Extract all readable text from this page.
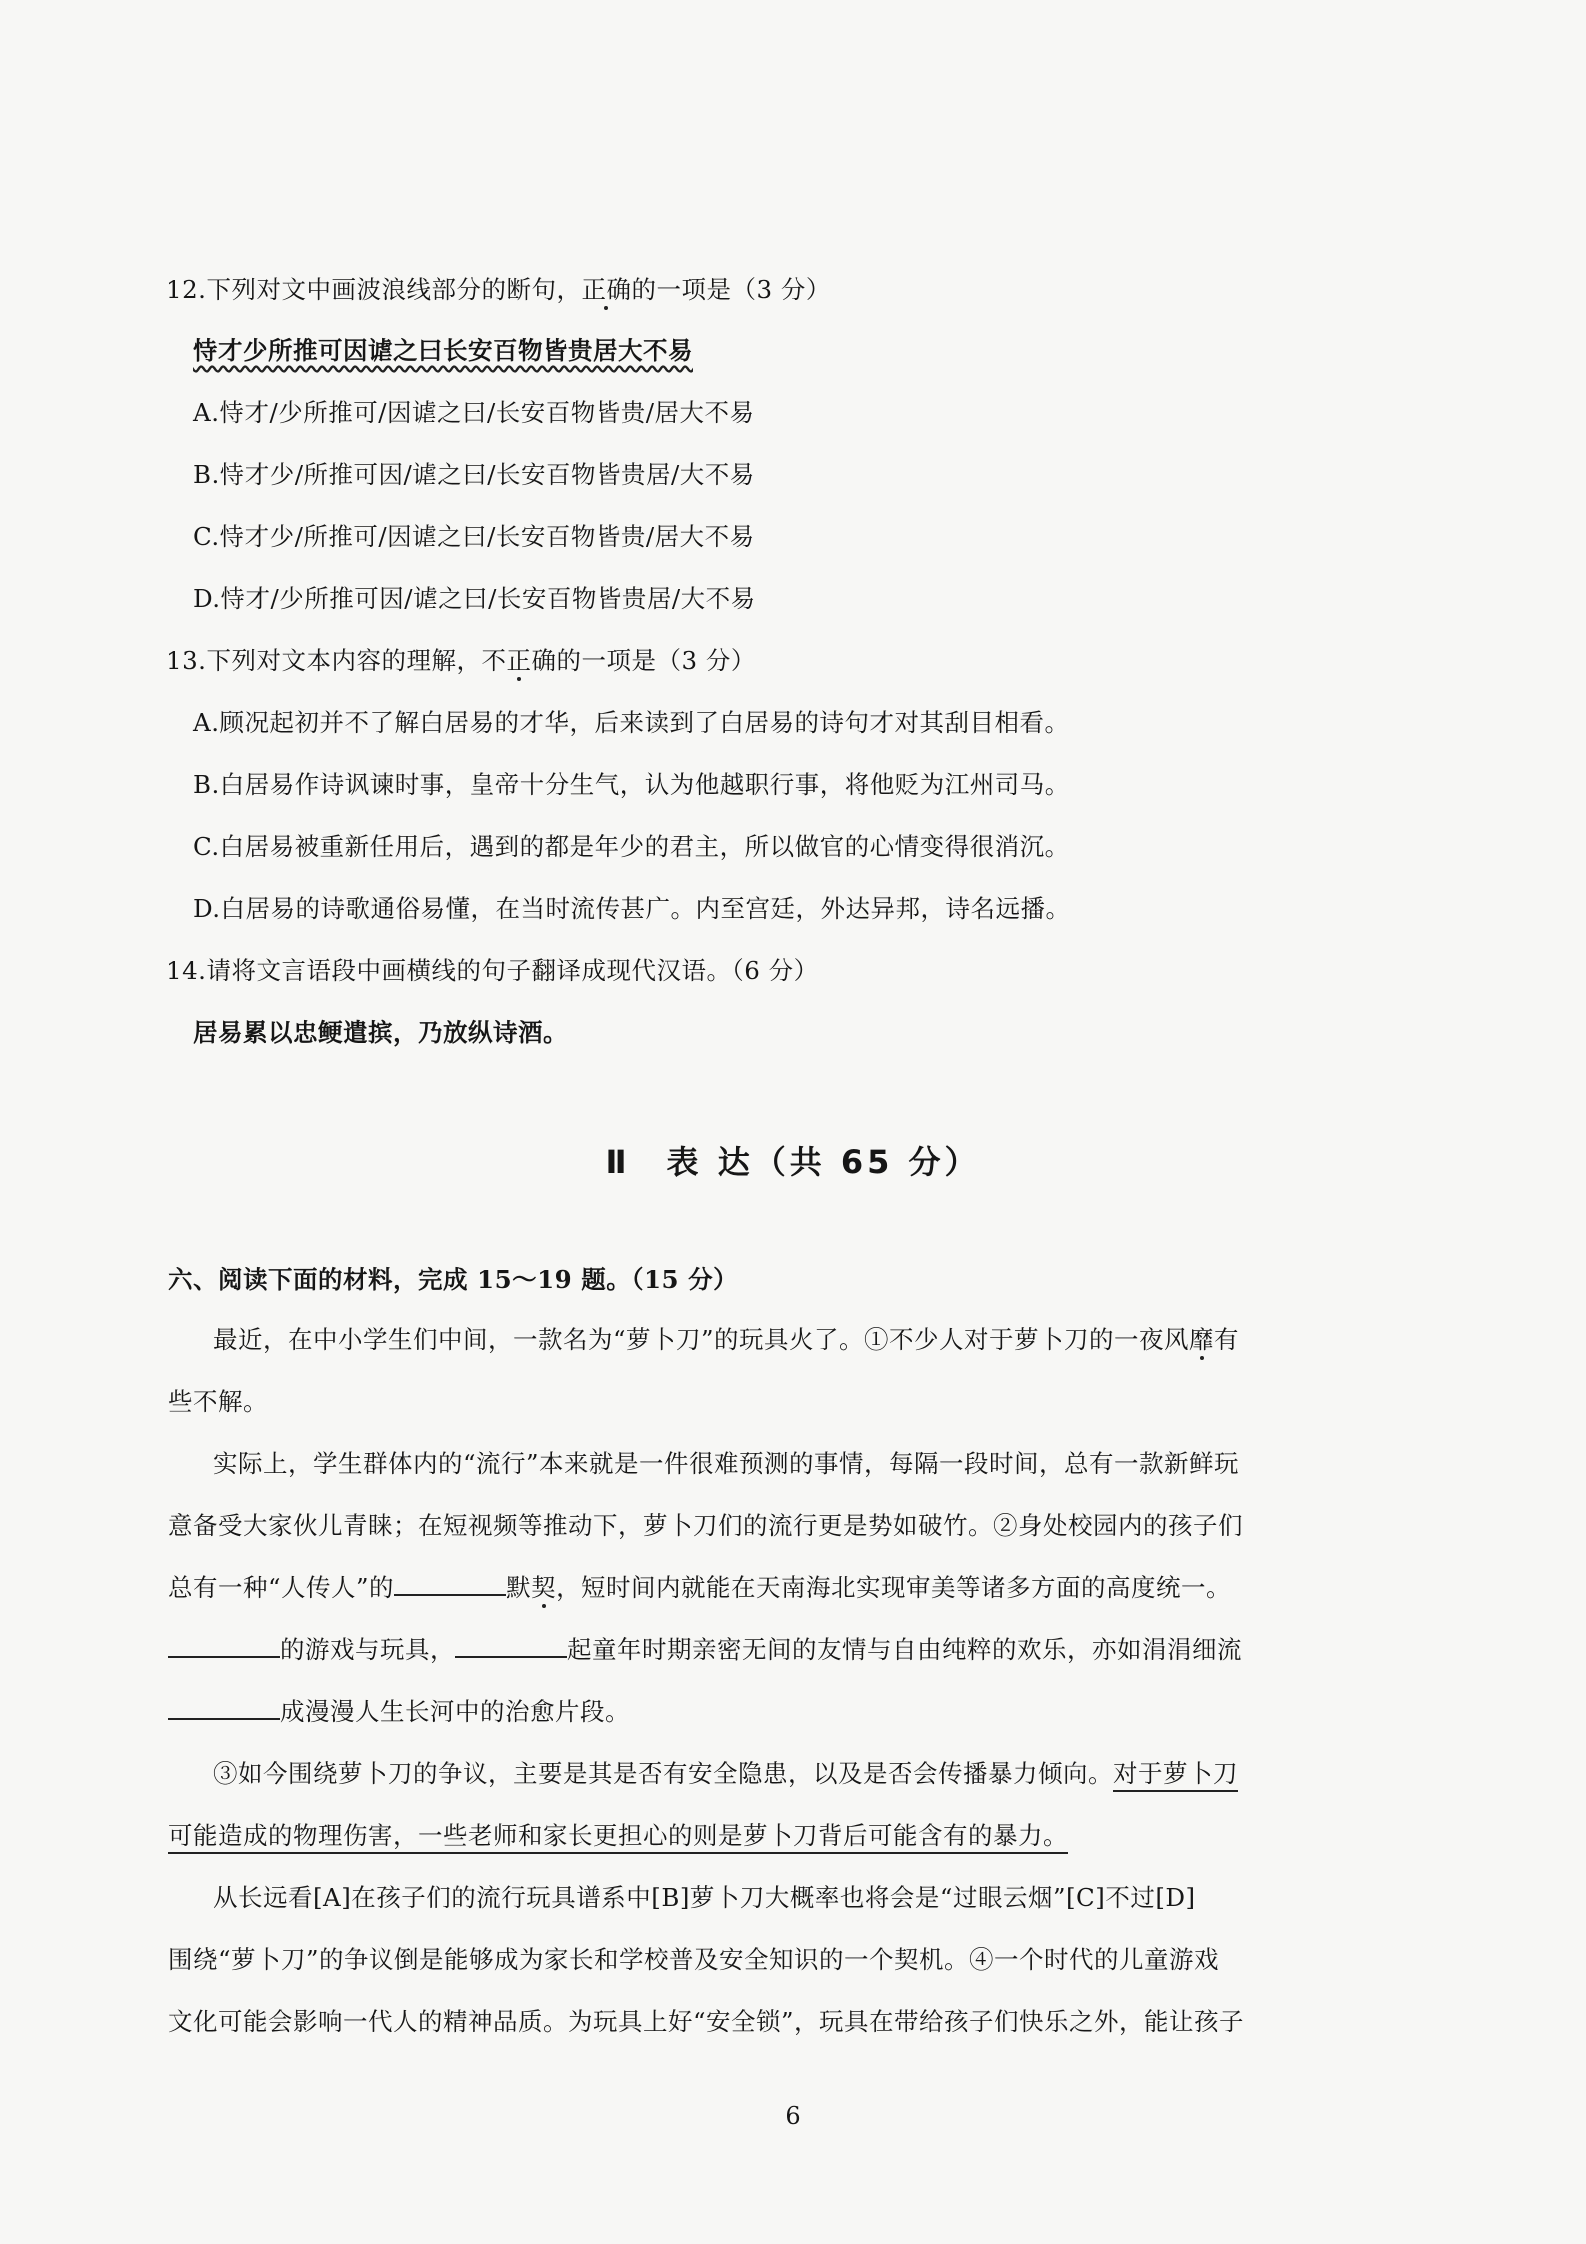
12.下列对文中画波浪线部分的断句，正确的一项是（3 分）
恃才少所推可因谑之曰长安百物皆贵居大不易
A.恃才/少所推可/因谑之曰/长安百物皆贵/居大不易
B.恃才少/所推可因/谑之曰/长安百物皆贵居/大不易
C.恃才少/所推可/因谑之曰/长安百物皆贵/居大不易
D.恃才/少所推可因/谑之曰/长安百物皆贵居/大不易
13.下列对文本内容的理解，不正确的一项是（3 分）
A.顾况起初并不了解白居易的才华，后来读到了白居易的诗句才对其刮目相看。
B.白居易作诗讽谏时事，皇帝十分生气，认为他越职行事，将他贬为江州司马。
C.白居易被重新任用后，遇到的都是年少的君主，所以做官的心情变得很消沉。
D.白居易的诗歌通俗易懂，在当时流传甚广。内至宫廷，外达异邦，诗名远播。
14.请将文言语段中画横线的句子翻译成现代汉语。（6 分）
居易累以忠鲠遣摈，乃放纵诗酒。
Ⅱ　表 达（共 65 分）
六、阅读下面的材料，完成 15～19 题。（15 分）
最近，在中小学生们中间，一款名为“萝卜刀”的玩具火了。①不少人对于萝卜刀的一夜风靡有
些不解。
实际上，学生群体内的“流行”本来就是一件很难预测的事情，每隔一段时间，总有一款新鲜玩
意备受大家伙儿青睐；在短视频等推动下，萝卜刀们的流行更是势如破竹。②身处校园内的孩子们
总有一种“人传人”的	默契，短时间内就能在天南海北实现审美等诸多方面的高度统一。
的游戏与玩具，	起童年时期亲密无间的友情与自由纯粹的欢乐，亦如涓涓细流
成漫漫人生长河中的治愈片段。
③如今围绕萝卜刀的争议，主要是其是否有安全隐患，以及是否会传播暴力倾向。对于萝卜刀
可能造成的物理伤害，一些老师和家长更担心的则是萝卜刀背后可能含有的暴力。
从长远看[A]在孩子们的流行玩具谱系中[B]萝卜刀大概率也将会是“过眼云烟”[C]不过[D]
围绕“萝卜刀”的争议倒是能够成为家长和学校普及安全知识的一个契机。④一个时代的儿童游戏
文化可能会影响一代人的精神品质。为玩具上好“安全锁”，玩具在带给孩子们快乐之外，能让孩子
6
